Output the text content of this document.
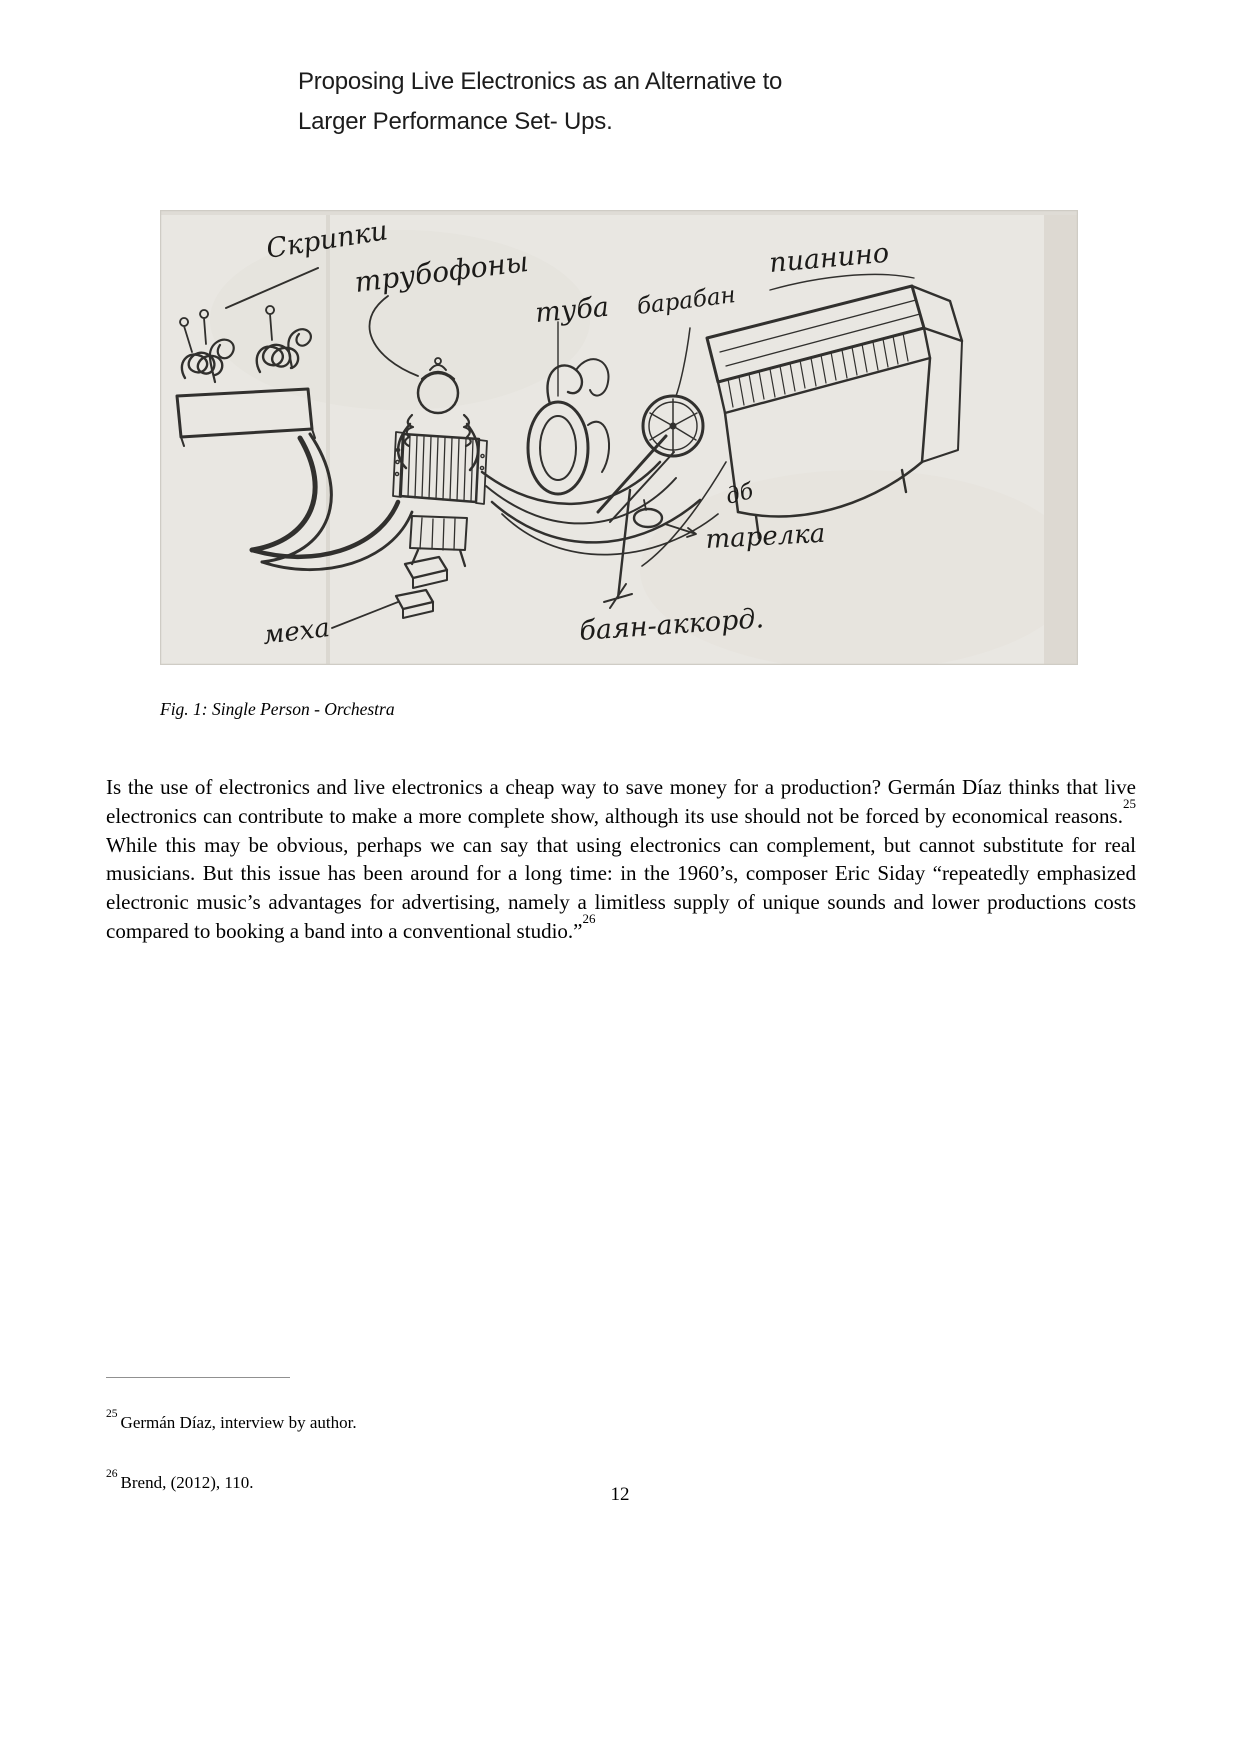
Proposing Live Electronics as an Alternative to
Larger Performance Set- Ups.
Скрипки
трубофоны
туба барабан
пианино
тарелка
баян-аккорд.
меха
дб
Fig. 1: Single Person - Orchestra

Is the use of electronics and live electronics a cheap way to save money for a production? Germán Díaz thinks that live electronics can contribute to make a more complete show, although its use should not be forced by economical reasons.$^{25}$ While this may be obvious, perhaps we can say that using electronics can complement, but cannot substitute for real musicians. But this issue has been around for a long time: in the 1960’s, composer Eric Siday “repeatedly emphasized electronic music’s advantages for advertising, namely a limitless supply of unique sounds and lower productions costs compared to booking a band into a conventional studio.”$^{26}$

$^{25}$ Germán Díaz, interview by author.

$^{26}$ Brend, (2012), 110.

12
